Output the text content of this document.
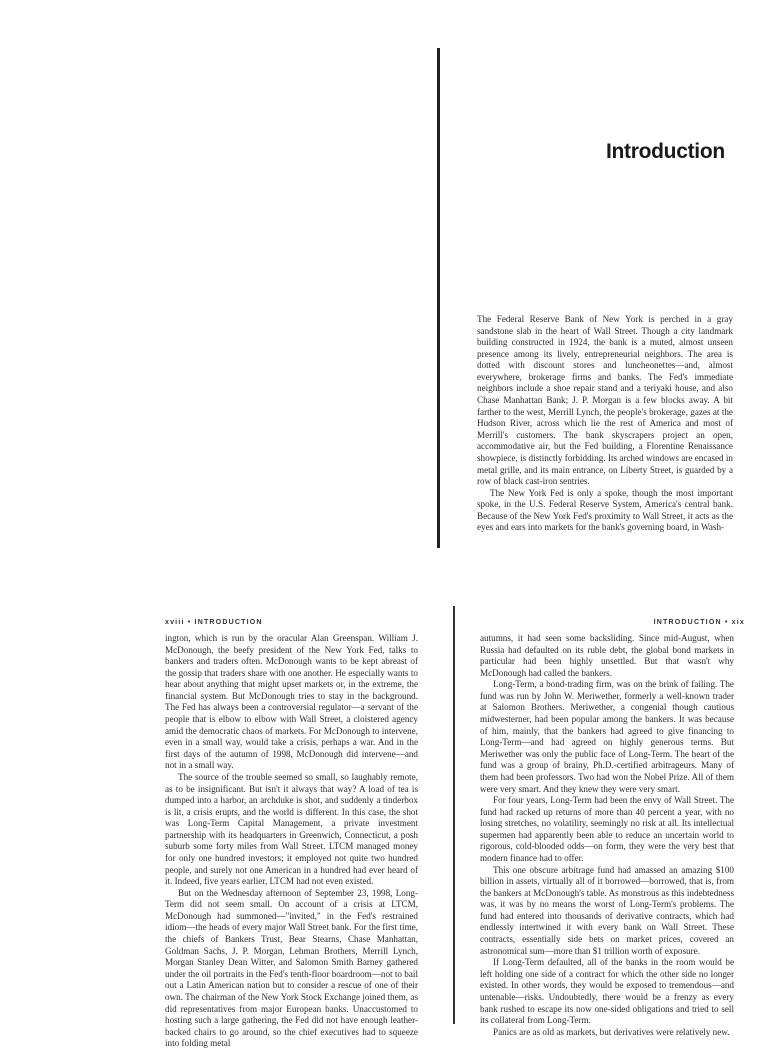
Introduction

The Federal Reserve Bank of New York is perched in a gray sandstone slab in the heart of Wall Street. Though a city landmark building constructed in 1924, the bank is a muted, almost unseen presence among its lively, entrepreneurial neighbors. The area is dotted with discount stores and luncheonettes—and, almost everywhere, brokerage firms and banks. The Fed's immediate neighbors include a shoe repair stand and a teriyaki house, and also Chase Manhattan Bank; J. P. Morgan is a few blocks away. A bit farther to the west, Merrill Lynch, the people's brokerage, gazes at the Hudson River, across which lie the rest of America and most of Merrill's customers. The bank skyscrapers project an open, accommodative air, but the Fed building, a Florentine Renaissance showpiece, is distinctly forbidding. Its arched windows are encased in metal grille, and its main entrance, on Liberty Street, is guarded by a row of black cast-iron sentries.

The New York Fed is only a spoke, though the most important spoke, in the U.S. Federal Reserve System, America's central bank. Because of the New York Fed's proximity to Wall Street, it acts as the eyes and ears into markets for the bank's governing board, in Wash-

xviii • INTRODUCTION

ington, which is run by the oracular Alan Greenspan. William J. McDonough, the beefy president of the New York Fed, talks to bankers and traders often. McDonough wants to be kept abreast of the gossip that traders share with one another. He especially wants to hear about anything that might upset markets or, in the extreme, the financial system. But McDonough tries to stay in the background. The Fed has always been a controversial regulator—a servant of the people that is elbow to elbow with Wall Street, a cloistered agency amid the democratic chaos of markets. For McDonough to intervene, even in a small way, would take a crisis, perhaps a war. And in the first days of the autumn of 1998, McDonough did intervene—and not in a small way.

The source of the trouble seemed so small, so laughably remote, as to be insignificant. But isn't it always that way? A load of tea is dumped into a harbor, an archduke is shot, and suddenly a tinderbox is lit, a crisis erupts, and the world is different. In this case, the shot was Long-Term Capital Management, a private investment partnership with its headquarters in Greenwich, Connecticut, a posh suburb some forty miles from Wall Street. LTCM managed money for only one hundred investors; it employed not quite two hundred people, and surely not one American in a hundred had ever heard of it. Indeed, five years earlier, LTCM had not even existed.

But on the Wednesday afternoon of September 23, 1998, Long-Term did not seem small. On account of a crisis at LTCM, McDonough had summoned—"invited," in the Fed's restrained idiom—the heads of every major Wall Street bank. For the first time, the chiefs of Bankers Trust, Bear Stearns, Chase Manhattan, Goldman Sachs, J. P. Morgan, Lehman Brothers, Merrill Lynch, Morgan Stanley Dean Witter, and Salomon Smith Barney gathered under the oil portraits in the Fed's tenth-floor boardroom—not to bail out a Latin American nation but to consider a rescue of one of their own. The chairman of the New York Stock Exchange joined them, as did representatives from major European banks. Unaccustomed to hosting such a large gathering, the Fed did not have enough leather-backed chairs to go around, so the chief executives had to squeeze into folding metal

INTRODUCTION • xix

autumns, it had seen some backsliding. Since mid-August, when Russia had defaulted on its ruble debt, the global bond markets in particular had been highly unsettled. But that wasn't why McDonough had called the bankers.

Long-Term, a bond-trading firm, was on the brink of failing. The fund was run by John W. Meriwether, formerly a well-known trader at Salomon Brothers. Meriwether, a congenial though cautious midwesterner, had been popular among the bankers. It was because of him, mainly, that the bankers had agreed to give financing to Long-Term—and had agreed on highly generous terms. But Meriwether was only the public face of Long-Term. The heart of the fund was a group of brainy, Ph.D.-certified arbitrageurs. Many of them had been professors. Two had won the Nobel Prize. All of them were very smart. And they knew they were very smart.

For four years, Long-Term had been the envy of Wall Street. The fund had racked up returns of more than 40 percent a year, with no losing stretches, no volatility, seemingly no risk at all. Its intellectual supermen had apparently been able to reduce an uncertain world to rigorous, cold-blooded odds—on form, they were the very best that modern finance had to offer.

This one obscure arbitrage fund had amassed an amazing $100 billion in assets, virtually all of it borrowed—borrowed, that is, from the bankers at McDonough's table. As monstrous as this indebtedness was, it was by no means the worst of Long-Term's problems. The fund had entered into thousands of derivative contracts, which had endlessly intertwined it with every bank on Wall Street. These contracts, essentially side bets on market prices, covered an astronomical sum—more than $1 trillion worth of exposure.

If Long-Term defaulted, all of the banks in the room would be left holding one side of a contract for which the other side no longer existed. In other words, they would be exposed to tremendous—and untenable—risks. Undoubtedly, there would be a frenzy as every bank rushed to escape its now one-sided obligations and tried to sell its collateral from Long-Term.

Panics are as old as markets, but derivatives were relatively new.
